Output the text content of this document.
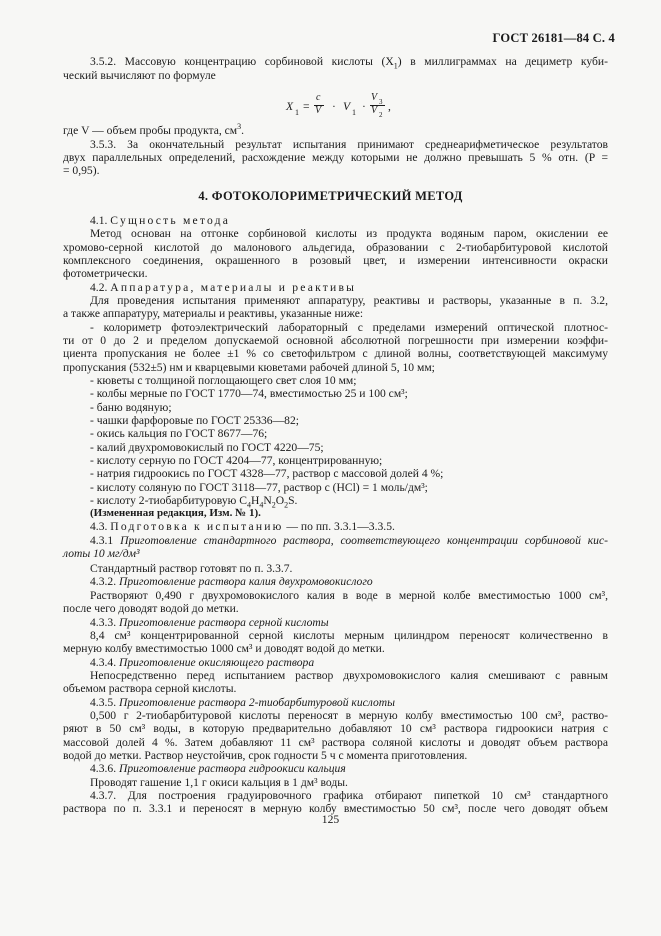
ГОСТ 26181—84 С. 4
3.5.2. Массовую концентрацию сорбиновой кислоты $(X_1)$ в миллиграммах на дециметр куби-
ческий вычисляют по формуле
X 1 =
c
V · V 1 ·
V 3
V 2
,
где V — объем пробы продукта, $см^3$.
3.5.3. За окончательный результат испытания принимают среднеарифметическое результатов
двух параллельных определений, расхождение между которыми не должно превышать 5 % отн. (P =
= 0,95).
4. ФОТОКОЛОРИМЕТРИЧЕСКИЙ МЕТОД
4.1. Сущность метода
Метод основан на отгонке сорбиновой кислоты из продукта водяным паром, окислении ее
хромово-серной кислотой до малонового альдегида, образовании с 2-тиобарбитуровой кислотой
комплексного соединения, окрашенного в розовый цвет, и измерении интенсивности окраски
фотометрически.
4.2. Аппаратура, материалы и реактивы
Для проведения испытания применяют аппаратуру, реактивы и растворы, указанные в п. 3.2,
а также аппаратуру, материалы и реактивы, указанные ниже:
- колориметр фотоэлектрический лабораторный с пределами измерений оптической плотнос-
ти от 0 до 2 и пределом допускаемой основной абсолютной погрешности при измерении коэффи-
циента пропускания не более ±1 % со светофильтром с длиной волны, соответствующей максимуму
пропускания (532±5) нм и кварцевыми кюветами рабочей длиной 5, 10 мм;
- кюветы с толщиной поглощающего свет слоя 10 мм;
- колбы мерные по ГОСТ 1770—74, вместимостью 25 и 100 см³;
- баню водяную;
- чашки фарфоровые по ГОСТ 25336—82;
- окись кальция по ГОСТ 8677—76;
- калий двухромовокислый по ГОСТ 4220—75;
- кислоту серную по ГОСТ 4204—77, концентрированную;
- натрия гидроокись по ГОСТ 4328—77, раствор с массовой долей 4 %;
- кислоту соляную по ГОСТ 3118—77, раствор с (HCl) = 1 моль/дм³;
- кислоту 2-тиобарбитуровую $C_4H_4N_2O_2S$.
(Измененная редакция, Изм. № 1).
4.3. Подготовка к испытанию — по пп. 3.3.1—3.3.5.
4.3.1 Приготовление стандартного раствора, соответствующего концентрации сорбиновой кис-
лоты 10 мг/дм³
Стандартный раствор готовят по п. 3.3.7.
4.3.2. Приготовление раствора калия двухромовокислого
Растворяют 0,490 г двухромовокислого калия в воде в мерной колбе вместимостью 1000 см³,
после чего доводят водой до метки.
4.3.3. Приготовление раствора серной кислоты
8,4 см³ концентрированной серной кислоты мерным цилиндром переносят количественно в
мерную колбу вместимостью 1000 см³ и доводят водой до метки.
4.3.4. Приготовление окисляющего раствора
Непосредственно перед испытанием раствор двухромовокислого калия смешивают с равным
объемом раствора серной кислоты.
4.3.5. Приготовление раствора 2-тиобарбитуровой кислоты
0,500 г 2-тиобарбитуровой кислоты переносят в мерную колбу вместимостью 100 см³, раство-
ряют в 50 см³ воды, в которую предварительно добавляют 10 см³ раствора гидроокиси натрия с
массовой долей 4 %. Затем добавляют 11 см³ раствора соляной кислоты и доводят объем раствора
водой до метки. Раствор неустойчив, срок годности 5 ч с момента приготовления.
4.3.6. Приготовление раствора гидроокиси кальция
Проводят гашение 1,1 г окиси кальция в 1 дм³ воды.
4.3.7. Для построения градуировочного графика отбирают пипеткой 10 см³ стандартного
раствора по п. 3.3.1 и переносят в мерную колбу вместимостью 50 см³, после чего доводят объем
125
